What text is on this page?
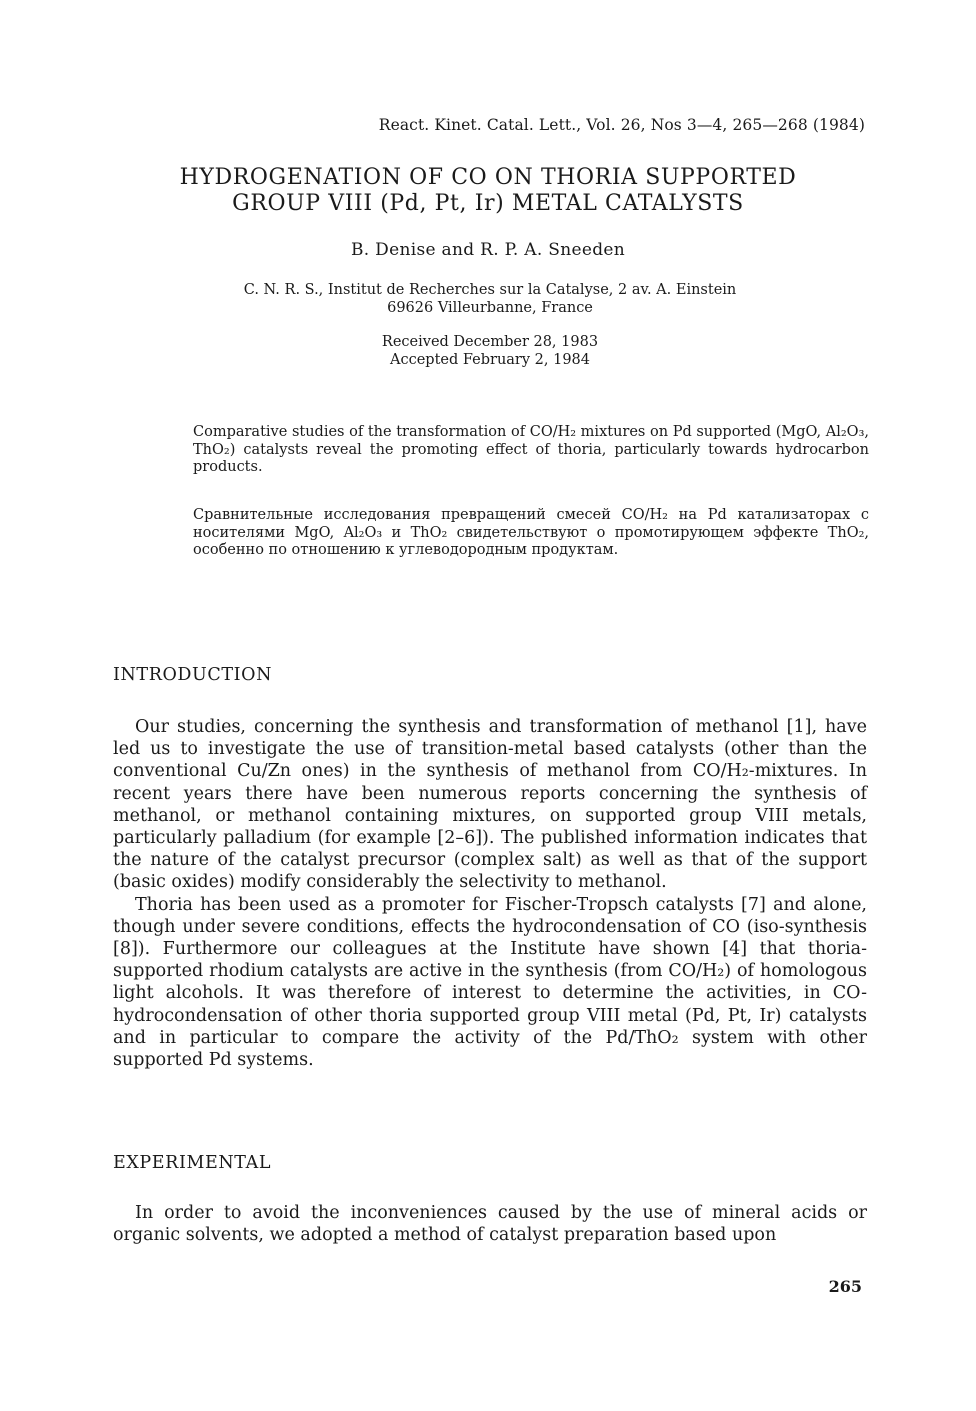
React. Kinet. Catal. Lett., Vol. 26, Nos 3—4, 265—268 (1984)
HYDROGENATION OF CO ON THORIA SUPPORTED
GROUP VIII (Pd, Pt, Ir) METAL CATALYSTS
B. Denise and R. P. A. Sneeden
C. N. R. S., Institut de Recherches sur la Catalyse, 2 av. A. Einstein
69626 Villeurbanne, France
Received December 28, 1983
Accepted February 2, 1984
Comparative studies of the transformation of CO/H₂ mixtures on Pd supported (MgO, Al₂O₃, ThO₂) catalysts reveal the promoting effect of thoria, particularly towards hydrocarbon products.
Сравнительные исследования превращений смесей CO/H₂ на Pd катализаторах с носителями MgO, Al₂O₃ и ThO₂ свидетельствуют о промотирующем эффекте ThO₂, особенно по отношению к углеводородным продуктам.
INTRODUCTION

Our studies, concerning the synthesis and transformation of methanol [1], have led us to investigate the use of transition-metal based catalysts (other than the conventional Cu/Zn ones) in the synthesis of methanol from CO/H₂-mixtures. In recent years there have been numerous reports concerning the synthesis of methanol, or methanol containing mixtures, on supported group VIII metals, particularly palladium (for example [2–6]). The published information indicates that the nature of the catalyst precursor (complex salt) as well as that of the support (basic oxides) modify considerably the selectivity to methanol.

Thoria has been used as a promoter for Fischer-Tropsch catalysts [7] and alone, though under severe conditions, effects the hydrocondensation of CO (iso-synthesis [8]). Furthermore our colleagues at the Institute have shown [4] that thoria-supported rhodium catalysts are active in the synthesis (from CO/H₂) of homologous light alcohols. It was therefore of interest to determine the activities, in CO-hydrocondensation of other thoria supported group VIII metal (Pd, Pt, Ir) catalysts and in particular to compare the activity of the Pd/ThO₂ system with other supported Pd systems.

EXPERIMENTAL

In order to avoid the inconveniences caused by the use of mineral acids or organic solvents, we adopted a method of catalyst preparation based upon

265
